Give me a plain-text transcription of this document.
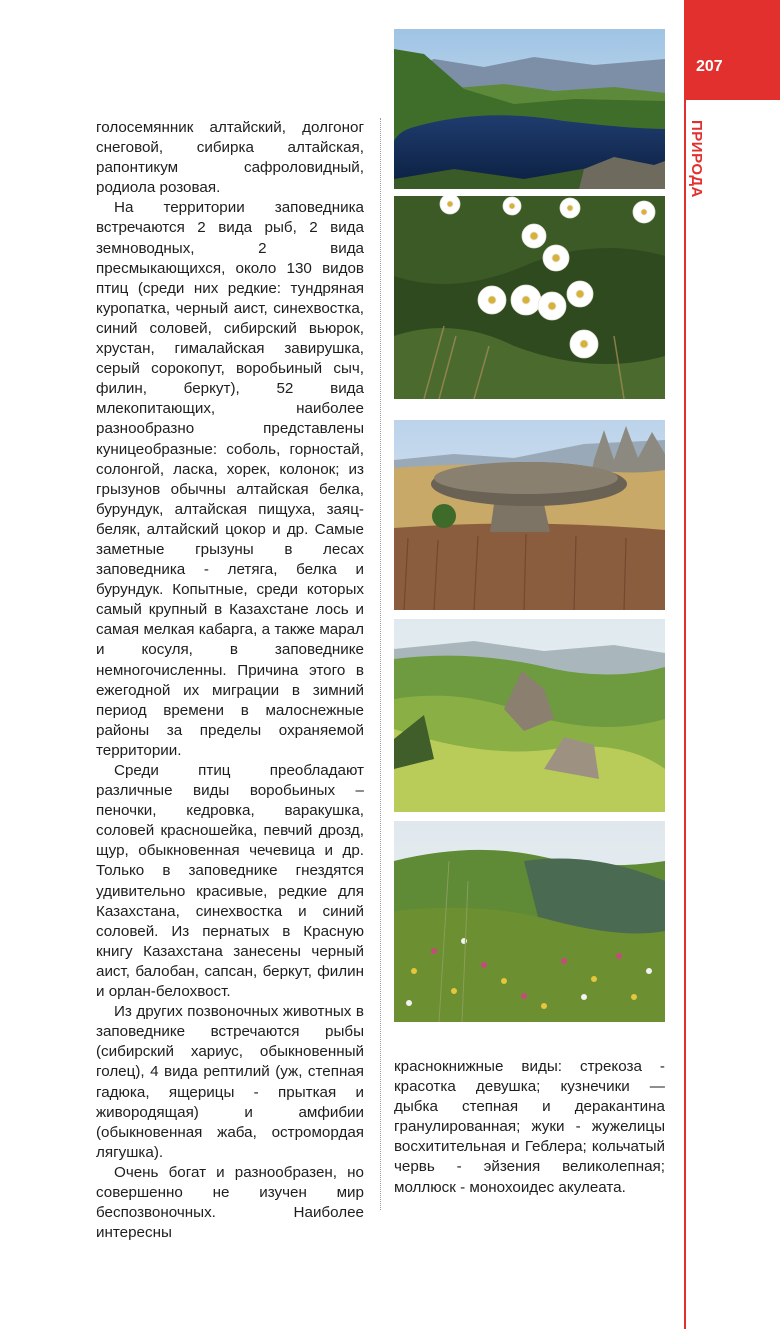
207
ПРИРОДА

голосемянник алтайский, долгоног снеговой, сибирка алтайская, рапонтикум сафроловидный, родиола розовая.

На территории заповедника встречаются 2 вида рыб, 2 вида земноводных, 2 вида пресмыкающихся, около 130 видов птиц (среди них редкие: тундряная куропатка, черный аист, синехвостка, синий соловей, сибирский вьюрок, хрустан, гималайская завирушка, серый сорокопут, воробьиный сыч, филин, беркут), 52 вида млекопитающих, наиболее разнообразно представлены куницеобразные: соболь, горностай, солонгой, ласка, хорек, колонок; из грызунов обычны алтайская белка, бурундук, алтайская пищуха, заяц-беляк, алтайский цокор и др. Самые заметные грызуны в лесах заповедника - летяга, белка и бурундук. Копытные, среди которых самый крупный в Казахстане лось и самая мелкая кабарга, а также марал и косуля, в заповеднике немногочисленны. Причина этого в ежегодной их миграции в зимний период времени в малоснежные районы за пределы охраняемой территории.

Среди птиц преобладают различные виды воробьиных – пеночки, кедровка, варакушка, соловей красношейка, певчий дрозд, щур, обыкновенная чечевица и др. Только в заповеднике гнездятся удивительно красивые, редкие для Казахстана, синехвостка и синий соловей. Из пернатых в Красную книгу Казахстана занесены черный аист, балобан, сапсан, беркут, филин и орлан-белохвост.

Из других позвоночных животных в заповеднике встречаются рыбы (сибирский хариус, обыкновенный голец), 4 вида рептилий (уж, степная гадюка, ящерицы - прыткая и живородящая) и амфибии (обыкновенная жаба, остромордая лягушка).

Очень богат и разнообразен, но совершенно не изучен мир беспозвоночных. Наиболее интересны

краснокнижные виды: стрекоза - красотка девушка; кузнечики — дыбка степная и деракантина гранулированная; жуки - жужелицы восхитительная и Геблера; кольчатый червь - эйзения великолепная; моллюск - монохоидес акулеата.
